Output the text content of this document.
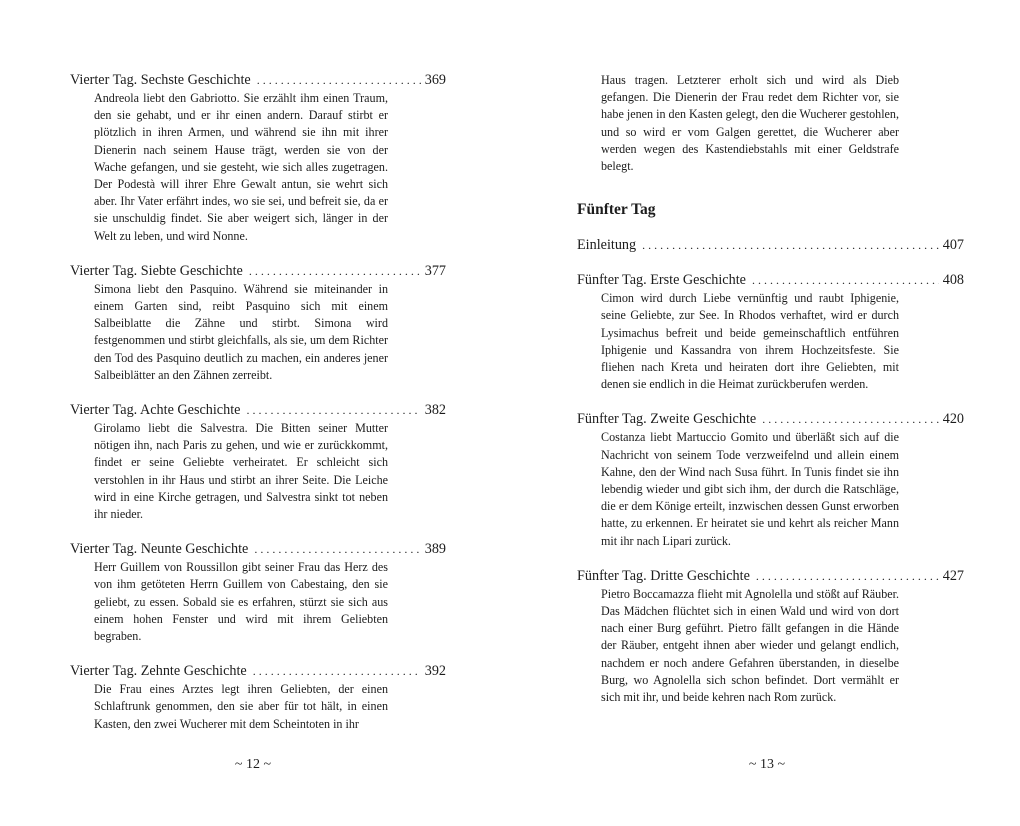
Vierter Tag. Sechste Geschichte . . .	369
Andreola liebt den Gabriotto. Sie erzählt ihm einen Traum, den sie gehabt, und er ihr einen andern. Darauf stirbt er plötzlich in ihren Armen, und während sie ihn mit ihrer Dienerin nach seinem Hause trägt, werden sie von der Wache gefangen, und sie gesteht, wie sich alles zugetragen. Der Podestà will ihrer Ehre Gewalt antun, sie wehrt sich aber. Ihr Vater erfährt indes, wo sie sei, und befreit sie, da er sie unschuldig findet. Sie aber weigert sich, länger in der Welt zu leben, und wird Nonne.
Vierter Tag. Siebte Geschichte . . .	377
Simona liebt den Pasquino. Während sie miteinander in einem Garten sind, reibt Pasquino sich mit einem Salbeiblatte die Zähne und stirbt. Simona wird festgenommen und stirbt gleichfalls, als sie, um dem Richter den Tod des Pasquino deutlich zu machen, ein anderes jener Salbeiblätter an den Zähnen zerreibt.
Vierter Tag. Achte Geschichte . . .	382
Girolamo liebt die Salvestra. Die Bitten seiner Mutter nötigen ihn, nach Paris zu gehen, und wie er zurückkommt, findet er seine Geliebte verheiratet. Er schleicht sich verstohlen in ihr Haus und stirbt an ihrer Seite. Die Leiche wird in eine Kirche getragen, und Salvestra sinkt tot neben ihr nieder.
Vierter Tag. Neunte Geschichte . . .	389
Herr Guillem von Roussillon gibt seiner Frau das Herz des von ihm getöteten Herrn Guillem von Cabestaing, den sie geliebt, zu essen. Sobald sie es erfahren, stürzt sie sich aus einem hohen Fenster und wird mit ihrem Geliebten begraben.
Vierter Tag. Zehnte Geschichte . . .	392
Die Frau eines Arztes legt ihren Geliebten, der einen Schlaftrunk genommen, den sie aber für tot hält, in einen Kasten, den zwei Wucherer mit dem Scheintoten in ihr
~ 12 ~
Haus tragen. Letzterer erholt sich und wird als Dieb gefangen. Die Dienerin der Frau redet dem Richter vor, sie habe jenen in den Kasten gelegt, den die Wucherer gestohlen, und so wird er vom Galgen gerettet, die Wucherer aber werden wegen des Kastendiebstahls mit einer Geldstrafe belegt.
Fünfter Tag
Einleitung . . .	407
Fünfter Tag. Erste Geschichte . . .	408
Cimon wird durch Liebe vernünftig und raubt Iphigenie, seine Geliebte, zur See. In Rhodos verhaftet, wird er durch Lysimachus befreit und beide gemeinschaftlich entführen Iphigenie und Kassandra von ihrem Hochzeitsfeste. Sie fliehen nach Kreta und heiraten dort ihre Geliebten, mit denen sie endlich in die Heimat zurückberufen werden.
Fünfter Tag. Zweite Geschichte . . .	420
Costanza liebt Martuccio Gomito und überläßt sich auf die Nachricht von seinem Tode verzweifelnd und allein einem Kahne, den der Wind nach Susa führt. In Tunis findet sie ihn lebendig wieder und gibt sich ihm, der durch die Ratschläge, die er dem Könige erteilt, inzwischen dessen Gunst erworben hatte, zu erkennen. Er heiratet sie und kehrt als reicher Mann mit ihr nach Lipari zurück.
Fünfter Tag. Dritte Geschichte . . .	427
Pietro Boccamazza flieht mit Agnolella und stößt auf Räuber. Das Mädchen flüchtet sich in einen Wald und wird von dort nach einer Burg geführt. Pietro fällt gefangen in die Hände der Räuber, entgeht ihnen aber wieder und gelangt endlich, nachdem er noch andere Gefahren überstanden, in dieselbe Burg, wo Agnolella sich schon befindet. Dort vermählt er sich mit ihr, und beide kehren nach Rom zurück.
~ 13 ~
